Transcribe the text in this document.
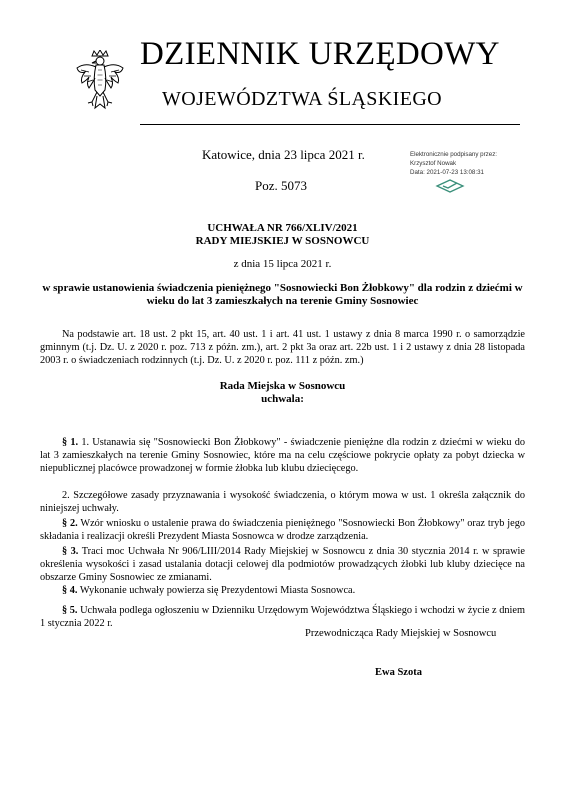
DZIENNIK URZĘDOWY
WOJEWÓDZTWA ŚLĄSKIEGO
Katowice, dnia 23 lipca 2021 r.
Poz. 5073
Elektronicznie podpisany przez:
Krzysztof Nowak
Data: 2021-07-23 13:08:31
UCHWAŁA NR 766/XLIV/2021
RADY MIEJSKIEJ W SOSNOWCU
z dnia 15 lipca 2021 r.
w sprawie ustanowienia świadczenia pieniężnego "Sosnowiecki Bon Żłobkowy" dla rodzin z dziećmi w wieku do lat 3 zamieszkałych na terenie Gminy Sosnowiec
Na podstawie art. 18 ust. 2 pkt 15, art. 40 ust. 1 i art. 41 ust. 1 ustawy z dnia 8 marca 1990 r. o samorządzie gminnym (t.j. Dz. U. z 2020 r. poz. 713 z późn. zm.), art. 2 pkt 3a oraz art. 22b ust. 1 i 2 ustawy z dnia 28 listopada 2003 r. o świadczeniach rodzinnych (t.j. Dz. U. z 2020 r. poz. 111 z późn. zm.)
Rada Miejska w Sosnowcu
uchwala:
§ 1. 1. Ustanawia się "Sosnowiecki Bon Żłobkowy" - świadczenie pieniężne dla rodzin z dziećmi w wieku do lat 3 zamieszkałych na terenie Gminy Sosnowiec, które ma na celu częściowe pokrycie opłaty za pobyt dziecka w niepublicznej placówce prowadzonej w formie żłobka lub klubu dziecięcego.
2. Szczegółowe zasady przyznawania i wysokość świadczenia, o którym mowa w ust. 1 określa załącznik do niniejszej uchwały.
§ 2. Wzór wniosku o ustalenie prawa do świadczenia pieniężnego "Sosnowiecki Bon Żłobkowy" oraz tryb jego składania i realizacji określi Prezydent Miasta Sosnowca w drodze zarządzenia.
§ 3. Traci moc Uchwała Nr 906/LIII/2014 Rady Miejskiej w Sosnowcu z dnia 30 stycznia 2014 r. w sprawie określenia wysokości i zasad ustalania dotacji celowej dla podmiotów prowadzących żłobki lub kluby dziecięce na obszarze Gminy Sosnowiec ze zmianami.
§ 4. Wykonanie uchwały powierza się Prezydentowi Miasta Sosnowca.
§ 5. Uchwała podlega ogłoszeniu w Dzienniku Urzędowym Województwa Śląskiego i wchodzi w życie z dniem 1 stycznia 2022 r.
Przewodnicząca Rady Miejskiej w Sosnowcu
Ewa Szota
